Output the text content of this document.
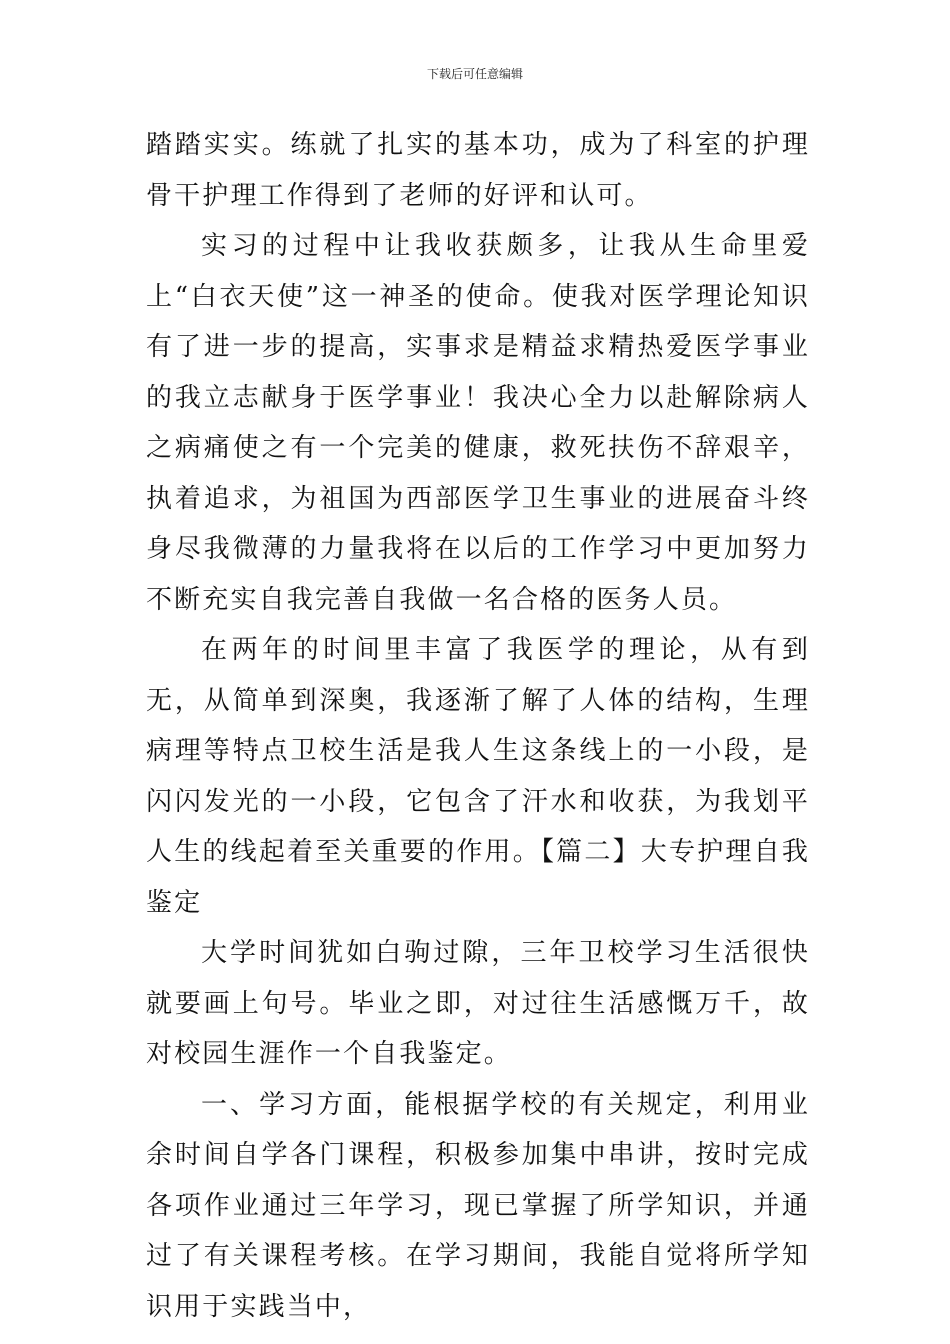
下载后可任意编辑

踏踏实实。练就了扎实的基本功，成为了科室的护理骨干护理工作得到了老师的好评和认可。

实习的过程中让我收获颇多，让我从生命里爱上“白衣天使”这一神圣的使命。使我对医学理论知识有了进一步的提高，实事求是精益求精热爱医学事业的我立志献身于医学事业！我决心全力以赴解除病人之病痛使之有一个完美的健康，救死扶伤不辞艰辛，执着追求，为祖国为西部医学卫生事业的进展奋斗终身尽我微薄的力量我将在以后的工作学习中更加努力不断充实自我完善自我做一名合格的医务人员。

在两年的时间里丰富了我医学的理论，从有到无，从简单到深奥，我逐渐了解了人体的结构，生理病理等特点卫校生活是我人生这条线上的一小段，是闪闪发光的一小段，它包含了汗水和收获，为我划平人生的线起着至关重要的作用。【篇二】大专护理自我鉴定

大学时间犹如白驹过隙，三年卫校学习生活很快就要画上句号。毕业之即，对过往生活感慨万千，故对校园生涯作一个自我鉴定。

一、学习方面，能根据学校的有关规定，利用业余时间自学各门课程，积极参加集中串讲，按时完成各项作业通过三年学习，现已掌握了所学知识，并通过了有关课程考核。在学习期间，我能自觉将所学知识用于实践当中，
